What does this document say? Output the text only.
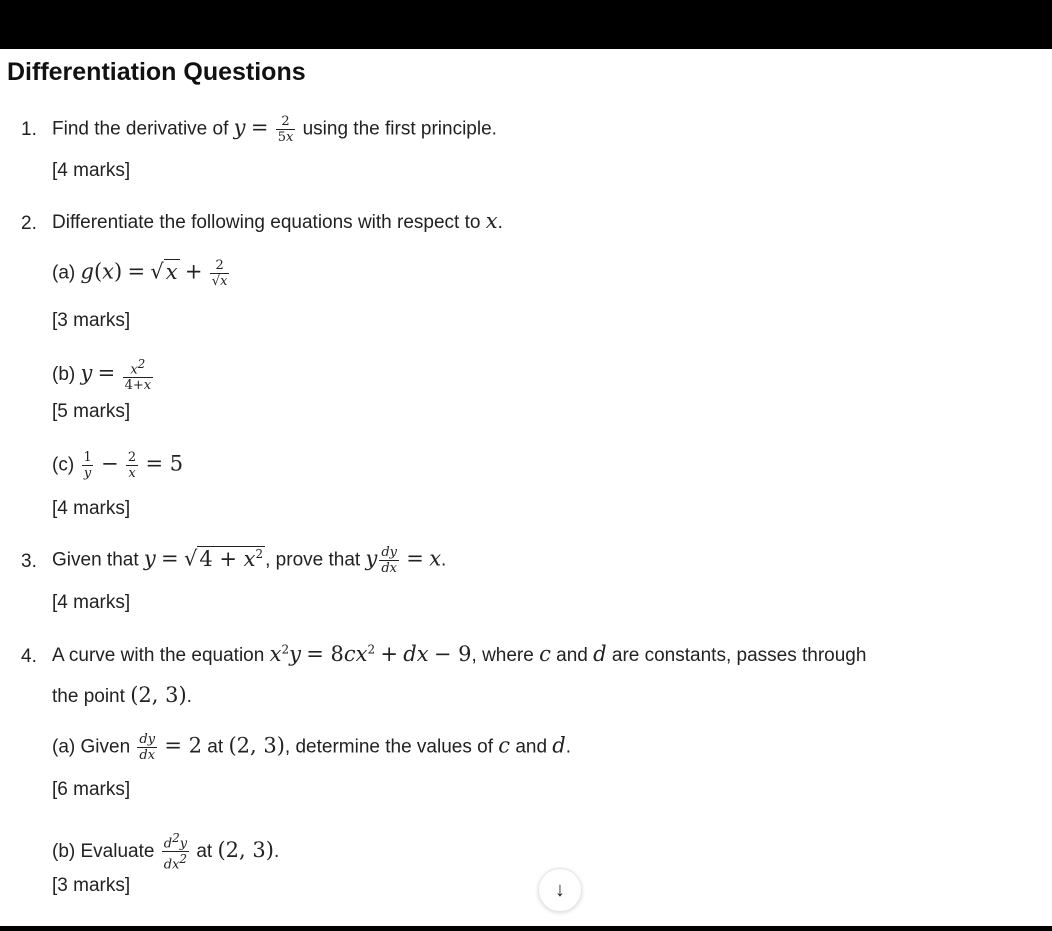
Differentiation Questions
1. Find the derivative of $y = \frac{2}{5x}$ using the first principle.
[4 marks]
2. Differentiate the following equations with respect to x.
(a) $g(x) = √x + \frac{2}{√x}$
[3 marks]
(b) $y = \frac{x^2}{4+x}$
[5 marks]
$(c) \frac{1}{y} - \frac{2}{x} = 5$
[4 marks]
3. Given that $y = √4 + x^2$ , prove that y $\frac{dy}{dx} = x$.
[4 marks]
4. A curve with the equation $x^2y = 8cx^2$ + dx − 9, where c and d are constants, passes through
the point (2, 3).
(a) Given $\frac{dy}{dx} = 2$ at (2, 3), determine the values of c and d.
[6 marks]
(b) Evaluate $\frac{d^2y}{dx^2}$ at (2, 3).
[3 marks]	↓
